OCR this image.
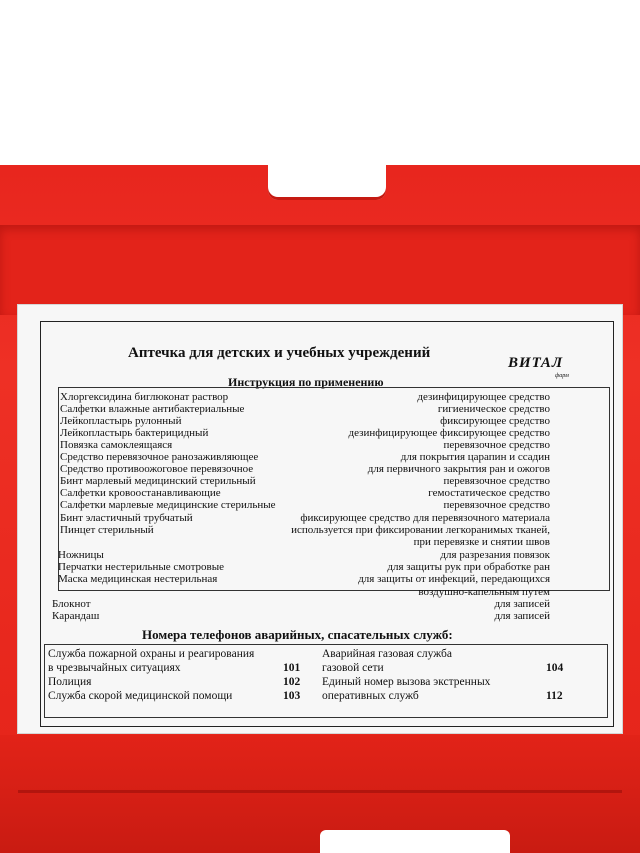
Аптечка для детских и учебных учреждений
ВИТАЛ
фарм
Инструкция по применению
Хлоргексидина биглюконат раствор	дезинфицирующее средство
Салфетки влажные антибактериальные	гигиеническое средство
Лейкопластырь рулонный	фиксирующее средство
Лейкопластырь бактерицидный	дезинфицирующее фиксирующее средство
Повязка самоклеящаяся	перевязочное средство
Средство перевязочное ранозаживляющее	для покрытия царапин и ссадин
Средство противоожоговое перевязочное	для первичного закрытия ран и ожогов
Бинт марлевый медицинский стерильный	перевязочное средство
Салфетки кровоостанавливающие	гемостатическое средство
Салфетки марлевые медицинские стерильные	перевязочное средство
Бинт эластичный трубчатый	фиксирующее средство для перевязочного материала
Пинцет стерильный	используется при фиксировании легкоранимых тканей,
при перевязке и снятии швов
Ножницы	для разрезания повязок
Перчатки нестерильные смотровые	для защиты рук при обработке ран
Маска медицинская нестерильная	для защиты от инфекций, передающихся
воздушно-капельным путем
Блокнот	для записей
Карандаш	для записей
Номера телефонов аварийных, спасательных служб:
Служба пожарной охраны и реагирования
в чрезвычайных ситуациях	101
Полиция	102
Служба скорой медицинской помощи	103
Аварийная газовая служба
газовой сети	104
Единый номер вызова экстренных
оперативных служб	112
